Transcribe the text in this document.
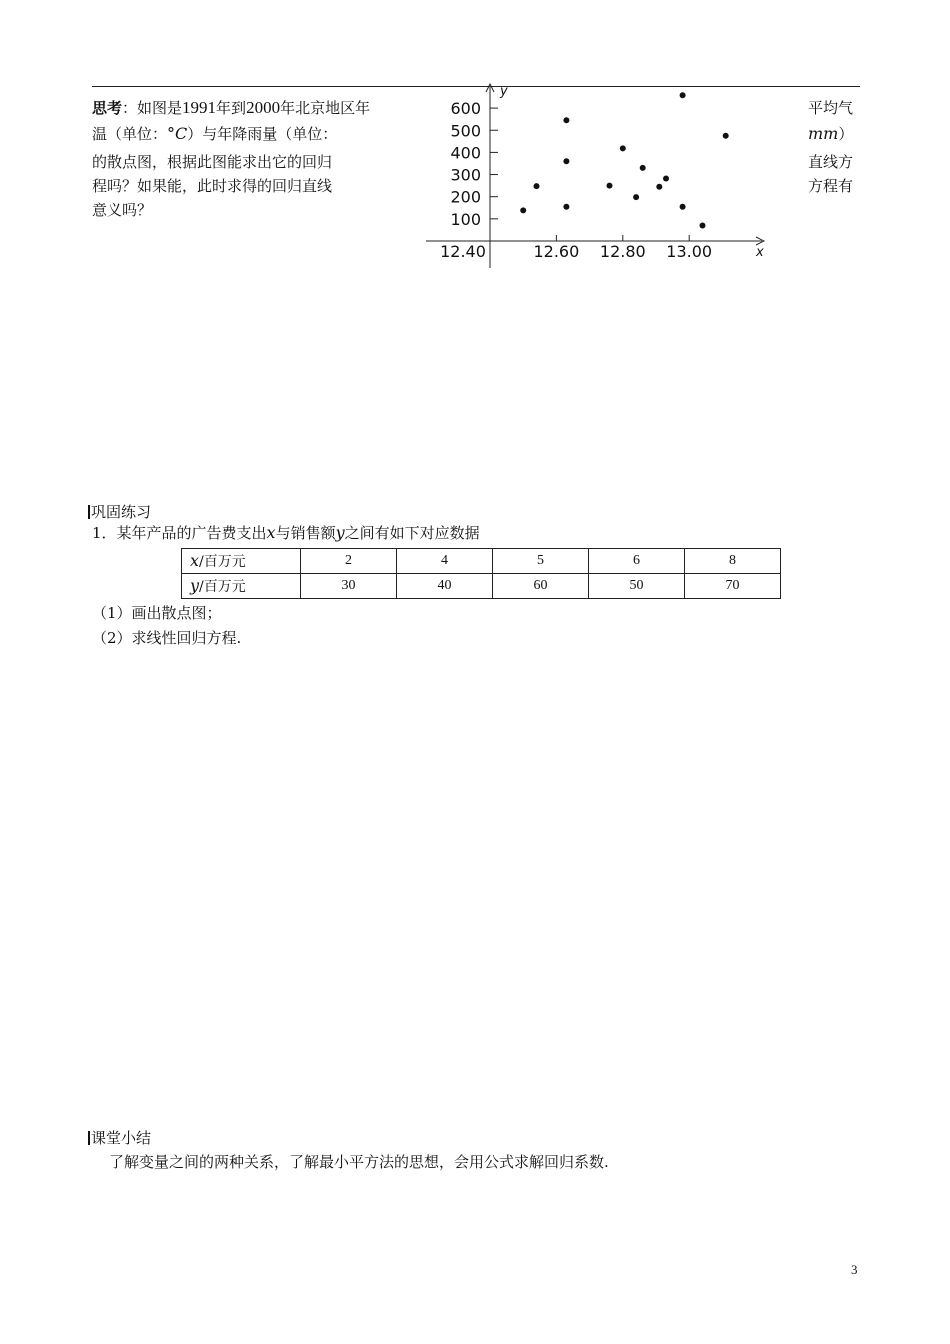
思考：如图是1991年到2000年北京地区年
温（单位：°C）与年降雨量（单位：
的散点图，根据此图能求出它的回归
程吗？如果能，此时求得的回归直线
意义吗？
平均气
mm）
直线方
方程有
x
y
100
200
300
400
500
600
12.40	12.60 12.80 13.00
巩固练习
1．某年产品的广告费支出x与销售额y之间有如下对应数据
x/百万元	2	4	5	6	8
y/百万元	30	40	60	50	70
（1）画出散点图；
（2）求线性回归方程.
课堂小结
了解变量之间的两种关系，了解最小平方法的思想，会用公式求解回归系数.
3
